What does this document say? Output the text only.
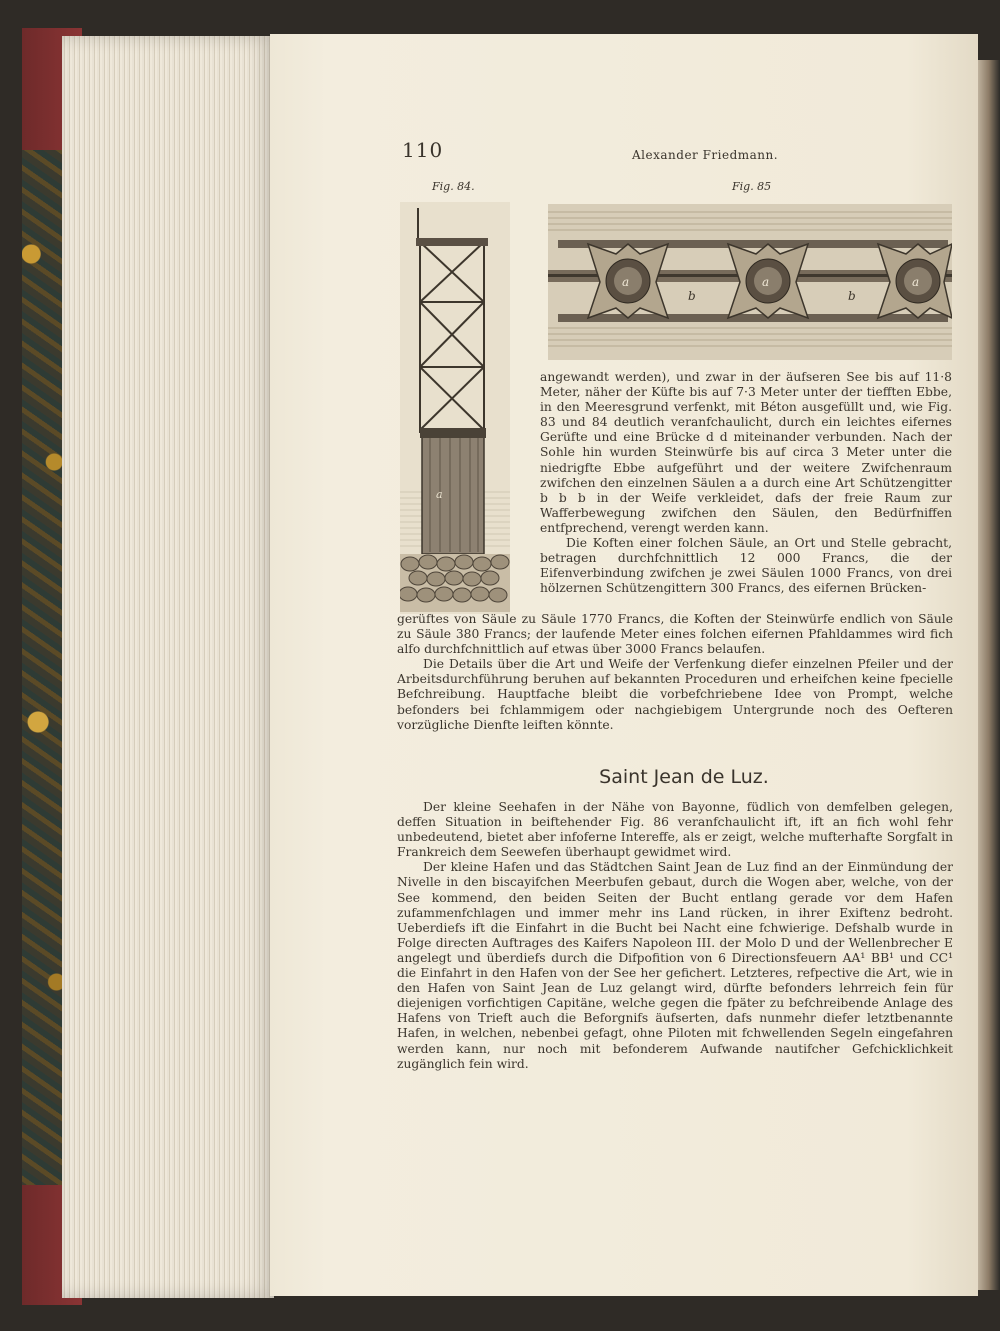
110	Alexander Friedmann.
Fig. 84.	Fig. 85
a
a	a	a
b	b

angewandt werden), und zwar in der äufseren See bis auf 11·8 Meter, näher der Küfte bis auf 7·3 Meter unter der tiefften Ebbe, in den Meeresgrund verfenkt, mit Béton ausgefüllt und, wie Fig. 83 und 84 deutlich veranfchaulicht, durch ein leichtes eifernes Gerüfte und eine Brücke d d miteinander verbunden. Nach der Sohle hin wurden Steinwürfe bis auf circa 3 Meter unter die niedrigfte Ebbe aufgeführt und der weitere Zwifchenraum zwifchen den einzelnen Säulen a a durch eine Art Schützengitter b b b in der Weife verkleidet, dafs der freie Raum zur Wafferbewegung zwifchen den Säulen, den Bedürfniffen entfprechend, verengt werden kann.

Die Koften einer folchen Säule, an Ort und Stelle gebracht, betragen durchfchnittlich 12 000 Francs, die der Eifenverbindung zwifchen je zwei Säulen 1000 Francs, von drei hölzernen Schützengittern 300 Francs, des eifernen Brücken-

gerüftes von Säule zu Säule 1770 Francs, die Koften der Steinwürfe endlich von Säule zu Säule 380 Francs; der laufende Meter eines folchen eifernen Pfahldammes wird fich alfo durchfchnittlich auf etwas über 3000 Francs belaufen.

Die Details über die Art und Weife der Verfenkung diefer einzelnen Pfeiler und der Arbeitsdurchführung beruhen auf bekannten Proceduren und erheifchen keine fpecielle Befchreibung. Hauptfache bleibt die vorbefchriebene Idee von Prompt, welche befonders bei fchlammigem oder nachgiebigem Untergrunde noch des Oefteren vorzügliche Dienfte leiften könnte.

Saint Jean de Luz.

Der kleine Seehafen in der Nähe von Bayonne, füdlich von demfelben gelegen, deffen Situation in beiftehender Fig. 86 veranfchaulicht ift, ift an fich wohl fehr unbedeutend, bietet aber infoferne Intereffe, als er zeigt, welche mufterhafte Sorgfalt in Frankreich dem Seewefen überhaupt gewidmet wird.

Der kleine Hafen und das Städtchen Saint Jean de Luz find an der Einmündung der Nivelle in den biscayifchen Meerbufen gebaut, durch die Wogen aber, welche, von der See kommend, den beiden Seiten der Bucht entlang gerade vor dem Hafen zufammenfchlagen und immer mehr ins Land rücken, in ihrer Exiftenz bedroht. Ueberdiefs ift die Einfahrt in die Bucht bei Nacht eine fchwierige. Defshalb wurde in Folge directen Auftrages des Kaifers Napoleon III. der Molo D und der Wellenbrecher E angelegt und überdiefs durch die Difpofition von 6 Directionsfeuern AA¹ BB¹ und CC¹ die Einfahrt in den Hafen von der See her gefichert. Letzteres, refpective die Art, wie in den Hafen von Saint Jean de Luz gelangt wird, dürfte befonders lehrreich fein für diejenigen vorfichtigen Capitäne, welche gegen die fpäter zu befchreibende Anlage des Hafens von Trieft auch die Beforgnifs äufserten, dafs nunmehr diefer letztbenannte Hafen, in welchen, nebenbei gefagt, ohne Piloten mit fchwellenden Segeln eingefahren werden kann, nur noch mit befonderem Aufwande nautifcher Gefchicklichkeit zugänglich fein wird.
